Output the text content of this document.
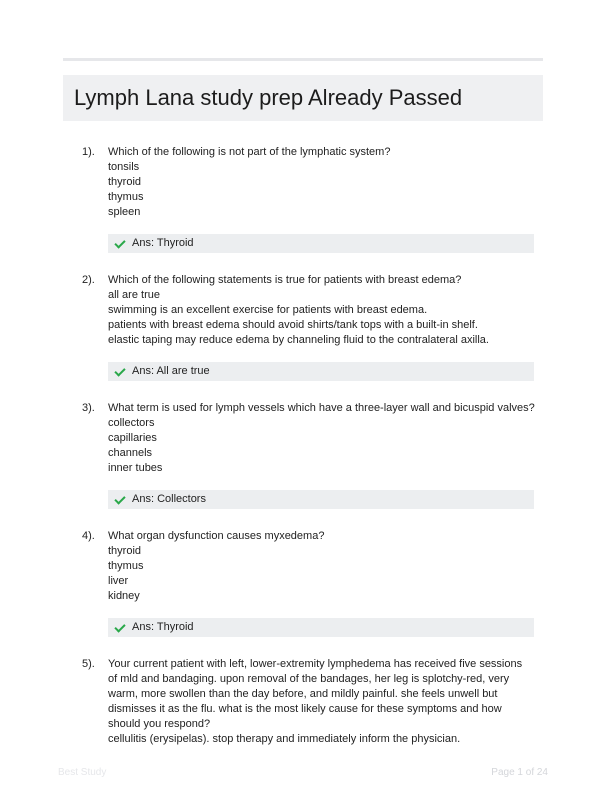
Lymph Lana study prep Already Passed
1). Which of the following is not part of the lymphatic system?
tonsils
thyroid
thymus
spleen
Ans: Thyroid
2). Which of the following statements is true for patients with breast edema?
all are true
swimming is an excellent exercise for patients with breast edema.
patients with breast edema should avoid shirts/tank tops with a built-in shelf.
elastic taping may reduce edema by channeling fluid to the contralateral axilla.
Ans: All are true
3). What term is used for lymph vessels which have a three-layer wall and bicuspid valves?
collectors
capillaries
channels
inner tubes
Ans: Collectors
4). What organ dysfunction causes myxedema?
thyroid
thymus
liver
kidney
Ans: Thyroid
5). Your current patient with left, lower-extremity lymphedema has received five sessions of mld and bandaging. upon removal of the bandages, her leg is splotchy-red, very warm, more swollen than the day before, and mildly painful. she feels unwell but dismisses it as the flu. what is the most likely cause for these symptoms and how should you respond?
cellulitis (erysipelas). stop therapy and immediately inform the physician.
Best Study	Page 1 of 24
